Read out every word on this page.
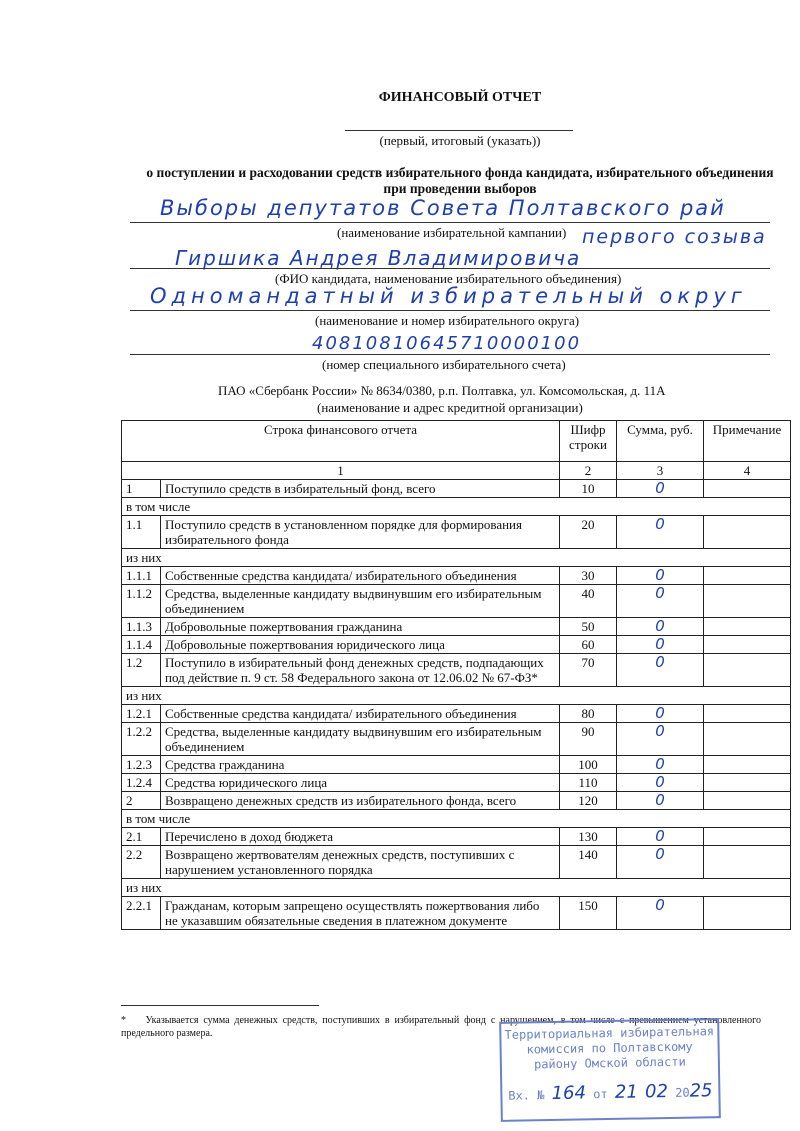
ФИНАНСОВЫЙ ОТЧЕТ
(первый, итоговый (указать))
о поступлении и расходовании средств избирательного фонда кандидата, избирательного объединения
при проведении выборов
Выборы депутатов Совета Полтавского рай
(наименование избирательной кампании) первого созыва
Гиршика Андрея Владимировича
(ФИО кандидата, наименование избирательного объединения)
Одномандатный избирательный округ
(наименование и номер избирательного округа)
40810810645710000100
(номер специального избирательного счета)
ПАО «Сбербанк России» № 8634/0380, р.п. Полтавка, ул. Комсомольская, д. 11А
(наименование и адрес кредитной организации)
Строка финансового отчета		Шифр строки	Сумма, руб.	Примечание
1		2	3	4
1	Поступило средств в избирательный фонд, всего	10	0	
в том числе				
1.1	Поступило средств в установленном порядке для формирования избирательного фонда	20	0	
из них				
1.1.1	Собственные средства кандидата/ избирательного объединения	30	0	
1.1.2	Средства, выделенные кандидату выдвинувшим его избирательным объединением	40	0	
1.1.3	Добровольные пожертвования гражданина	50	0	
1.1.4	Добровольные пожертвования юридического лица	60	0	
1.2	Поступило в избирательный фонд денежных средств, подпадающих под действие п. 9 ст. 58 Федерального закона от 12.06.02 № 67-ФЗ*	70	0	
из них				
1.2.1	Собственные средства кандидата/ избирательного объединения	80	0	
1.2.2	Средства, выделенные кандидату выдвинувшим его избирательным объединением	90	0	
1.2.3	Средства гражданина	100	0	
1.2.4	Средства юридического лица	110	0	
2	Возвращено денежных средств из избирательного фонда, всего	120	0	
в том числе				
2.1	Перечислено в доход бюджета	130	0	
2.2	Возвращено жертвователям денежных средств, поступивших с нарушением установленного порядка	140	0	
из них				
2.2.1	Гражданам, которым запрещено осуществлять пожертвования либо не указавшим обязательные сведения в платежном документе	150	0	
* Указывается сумма денежных средств, поступивших в избирательный фонд с нарушением, в том числе с превышением установленного предельного размера.	Территориальная избирательная
комиссия по Полтавскому
району Омской области
Вх. № 164 от 21 02 2025
